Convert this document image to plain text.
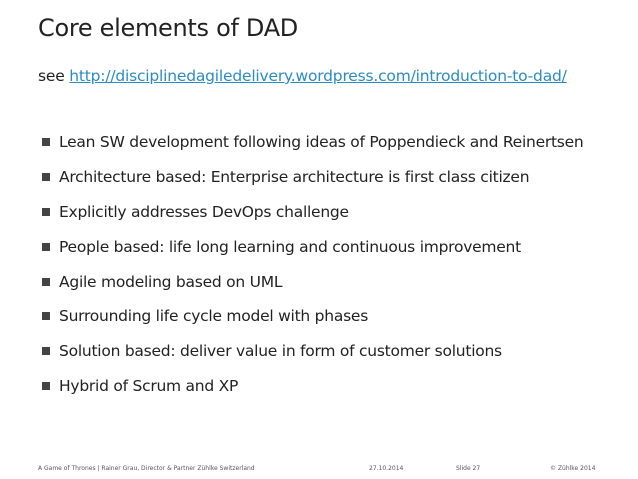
Core elements of DAD
see http://disciplinedagiledelivery.wordpress.com/introduction-to-dad/
Lean SW development following ideas of Poppendieck and Reinertsen
Architecture based: Enterprise architecture is first class citizen
Explicitly addresses DevOps challenge
People based: life long learning and continuous improvement
Agile modeling based on UML
Surrounding life cycle model with phases
Solution based: deliver value in form of customer solutions
Hybrid of Scrum and XP
A Game of Thrones | Rainer Grau, Director & Partner Zühlke Switzerland	27.10.2014	Slide 27	© Zühlke 2014
